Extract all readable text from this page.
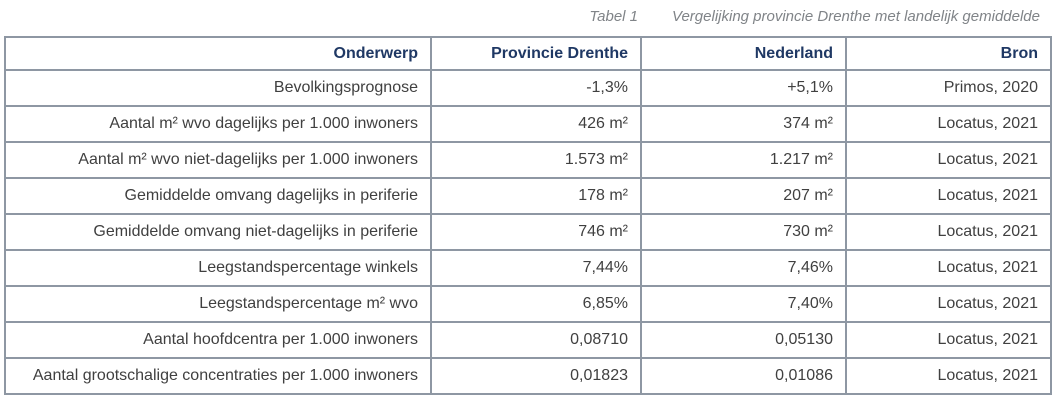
Tabel 1 Vergelijking provincie Drenthe met landelijk gemiddelde
Onderwerp	Provincie Drenthe	Nederland	Bron
Bevolkingsprognose	-1,3%	+5,1%	Primos, 2020
Aantal m² wvo dagelijks per 1.000 inwoners	426 m²	374 m²	Locatus, 2021
Aantal m² wvo niet-dagelijks per 1.000 inwoners	1.573 m²	1.217 m²	Locatus, 2021
Gemiddelde omvang dagelijks in periferie	178 m²	207 m²	Locatus, 2021
Gemiddelde omvang niet-dagelijks in periferie	746 m²	730 m²	Locatus, 2021
Leegstandspercentage winkels	7,44%	7,46%	Locatus, 2021
Leegstandspercentage m² wvo	6,85%	7,40%	Locatus, 2021
Aantal hoofdcentra per 1.000 inwoners	0,08710	0,05130	Locatus, 2021
Aantal grootschalige concentraties per 1.000 inwoners	0,01823	0,01086	Locatus, 2021
